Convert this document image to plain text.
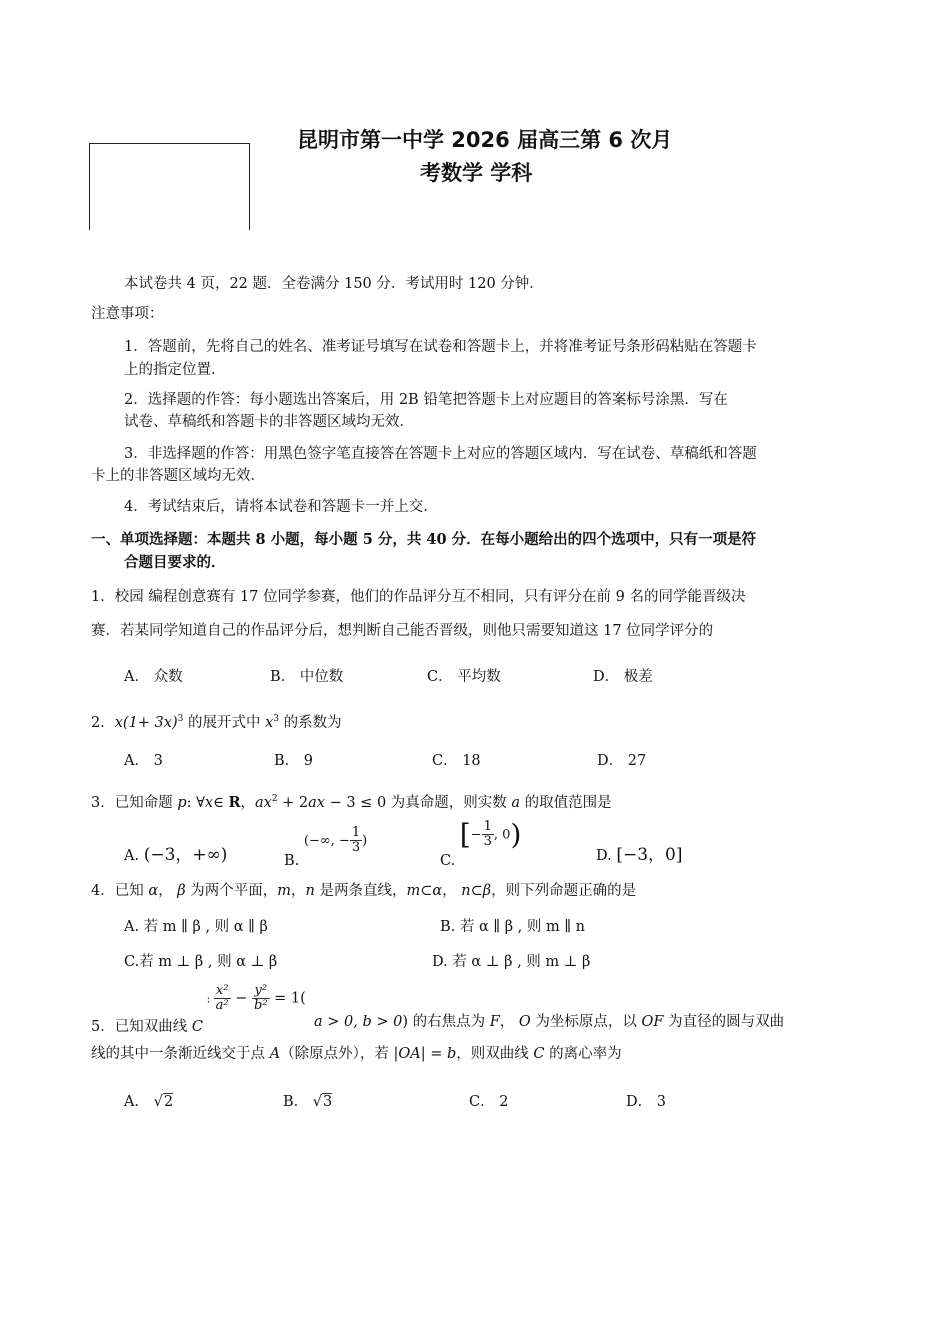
昆明市第一中学 2026 届高三第 6 次月
考数学 学科
本试卷共 4 页，22 题．全卷满分 150 分．考试用时 120 分钟．
注意事项：
1．答题前，先将自己的姓名、准考证号填写在试卷和答题卡上，并将准考证号条形码粘贴在答题卡
上的指定位置．
2．选择题的作答：每小题选出答案后，用 2B 铅笔把答题卡上对应题目的答案标号涂黑．写在
试卷、草稿纸和答题卡的非答题区域均无效．
3．非选择题的作答：用黑色签字笔直接答在答题卡上对应的答题区域内．写在试卷、草稿纸和答题
卡上的非答题区域均无效．
4．考试结束后，请将本试卷和答题卡一并上交．
一、单项选择题：本题共 8 小题，每小题 5 分，共 40 分．在每小题给出的四个选项中，只有一项是符
合题目要求的．
1．校园 编程创意赛有 17 位同学参赛，他们的作品评分互不相同，只有评分在前 9 名的同学能晋级决
赛．若某同学知道自己的作品评分后，想判断自己能否晋级，则他只需要知道这 17 位同学评分的
A． 众数	B． 中位数	C． 平均数	D． 极差
2．$x(1+ 3x)^3$ 的展开式中 $x^3$ 的系数为
A． 3	B． 9	C． 18	D． 27
3．已知命题 p: ∀x∈ R，$ax^2 + 2ax - 3 \le 0$ 为真命题，则实数 a 的取值范围是
A. (−3，+∞)	B. (−∞, − $\frac{1}{3}$ )
C. [− $\frac{1}{3}$ , 0)
D. [−3，0]
4．已知 α， β 为两个平面，m，n 是两条直线，m⊂α， n⊂β，则下列命题正确的是
A. 若 m ∥ β , 则 α ∥ β	B. 若 α ∥ β , 则 m ∥ n
C.若 m ⊥ β , 则 α ⊥ β	D. 若 α ⊥ β , 则 m ⊥ β
5．已知双曲线 C : $\frac{\text{x²}}{\text{a²}} - \frac{\text{y²}}{\text{b²}} = 1$(
a > 0, b > 0) 的右焦点为 F， O 为坐标原点，以 OF 为直径的圆与双曲
线的其中一条渐近线交于点 A（除原点外），若 |OA| = b，则双曲线 C 的离心率为
A． √2	B． √3	C． 2	D． 3
